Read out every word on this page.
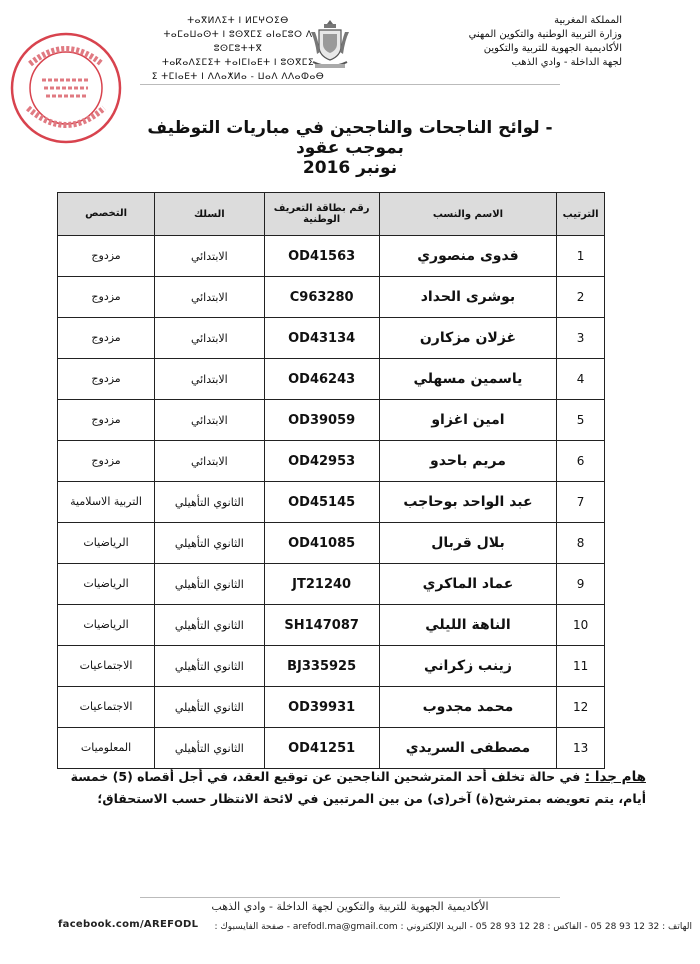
المملكة المغربية
وزارة التربية الوطنية والتكوين المهني
الأكاديمية الجهوية للتربية والتكوين
لجهة الداخلة - وادي الذهب
ⵜⴰⴳⵍⴷⵉⵜ ⵏ ⵍⵎⵖⵔⵉⴱ
ⵜⴰⵎⴰⵡⴰⵙⵜ ⵏ ⵓⵙⴳⵎⵉ ⴰⵏⴰⵎⵓⵔ ⴷ ⵓⵙⵎⵓⵜⵜⴳ
ⵜⴰⴽⴰⴷⵉⵎⵉⵜ ⵜⴰⵏⵎⵏⴰⴹⵜ ⵏ ⵓⵙⴳⵎⵉ
ⵉ ⵜⵎⵏⴰⴹⵜ ⵏ ⴷⴷⴰⵅⵍⴰ - ⵡⴰⴷ ⴷⴷⴰⵀⴰⴱ
- لوائح الناجحات والناجحين في مباريات التوظيف بموجب عقود
نونبر 2016
الترتيب	الاسم والنسب	رقم بطاقة التعريف الوطنية	السلك	التخصص
1	فدوى منصوري	OD41563	الابتدائي	مزدوج
2	بوشرى الحداد	C963280	الابتدائي	مزدوج
3	غزلان مزكارن	OD43134	الابتدائي	مزدوج
4	ياسمين مسهلي	OD46243	الابتدائي	مزدوج
5	امين اغزاو	OD39059	الابتدائي	مزدوج
6	مريم باحدو	OD42953	الابتدائي	مزدوج
7	عبد الواحد بوحاجب	OD45145	الثانوي التأهيلي	التربية الاسلامية
8	بلال قربال	OD41085	الثانوي التأهيلي	الرياضيات
9	عماد الماكري	JT21240	الثانوي التأهيلي	الرياضيات
10	الناهة الليلي	SH147087	الثانوي التأهيلي	الرياضيات
11	زينب زكراني	BJ335925	الثانوي التأهيلي	الاجتماعيات
12	محمد مجدوب	OD39931	الثانوي التأهيلي	الاجتماعيات
13	مصطفى السريدي	OD41251	الثانوي التأهيلي	المعلوميات
هام جدا : في حالة تخلف أحد المترشحين الناجحين عن توقيع العقد، في أجل أقصاه (5) خمسة أيام، يتم تعويضه بمترشح(ة) آخر(ى) من بين المرتبين في لائحة الانتظار حسب الاستحقاق؛
الأكاديمية الجهوية للتربية والتكوين لجهة الداخلة - وادي الذهب
الهاتف : 32 12 93 28 05 - الفاكس : 28 12 93 28 05 - البريد الإلكتروني : arefodl.ma@gmail.com - صفحة الفايسبوك :
facebook.com/AREFODL
